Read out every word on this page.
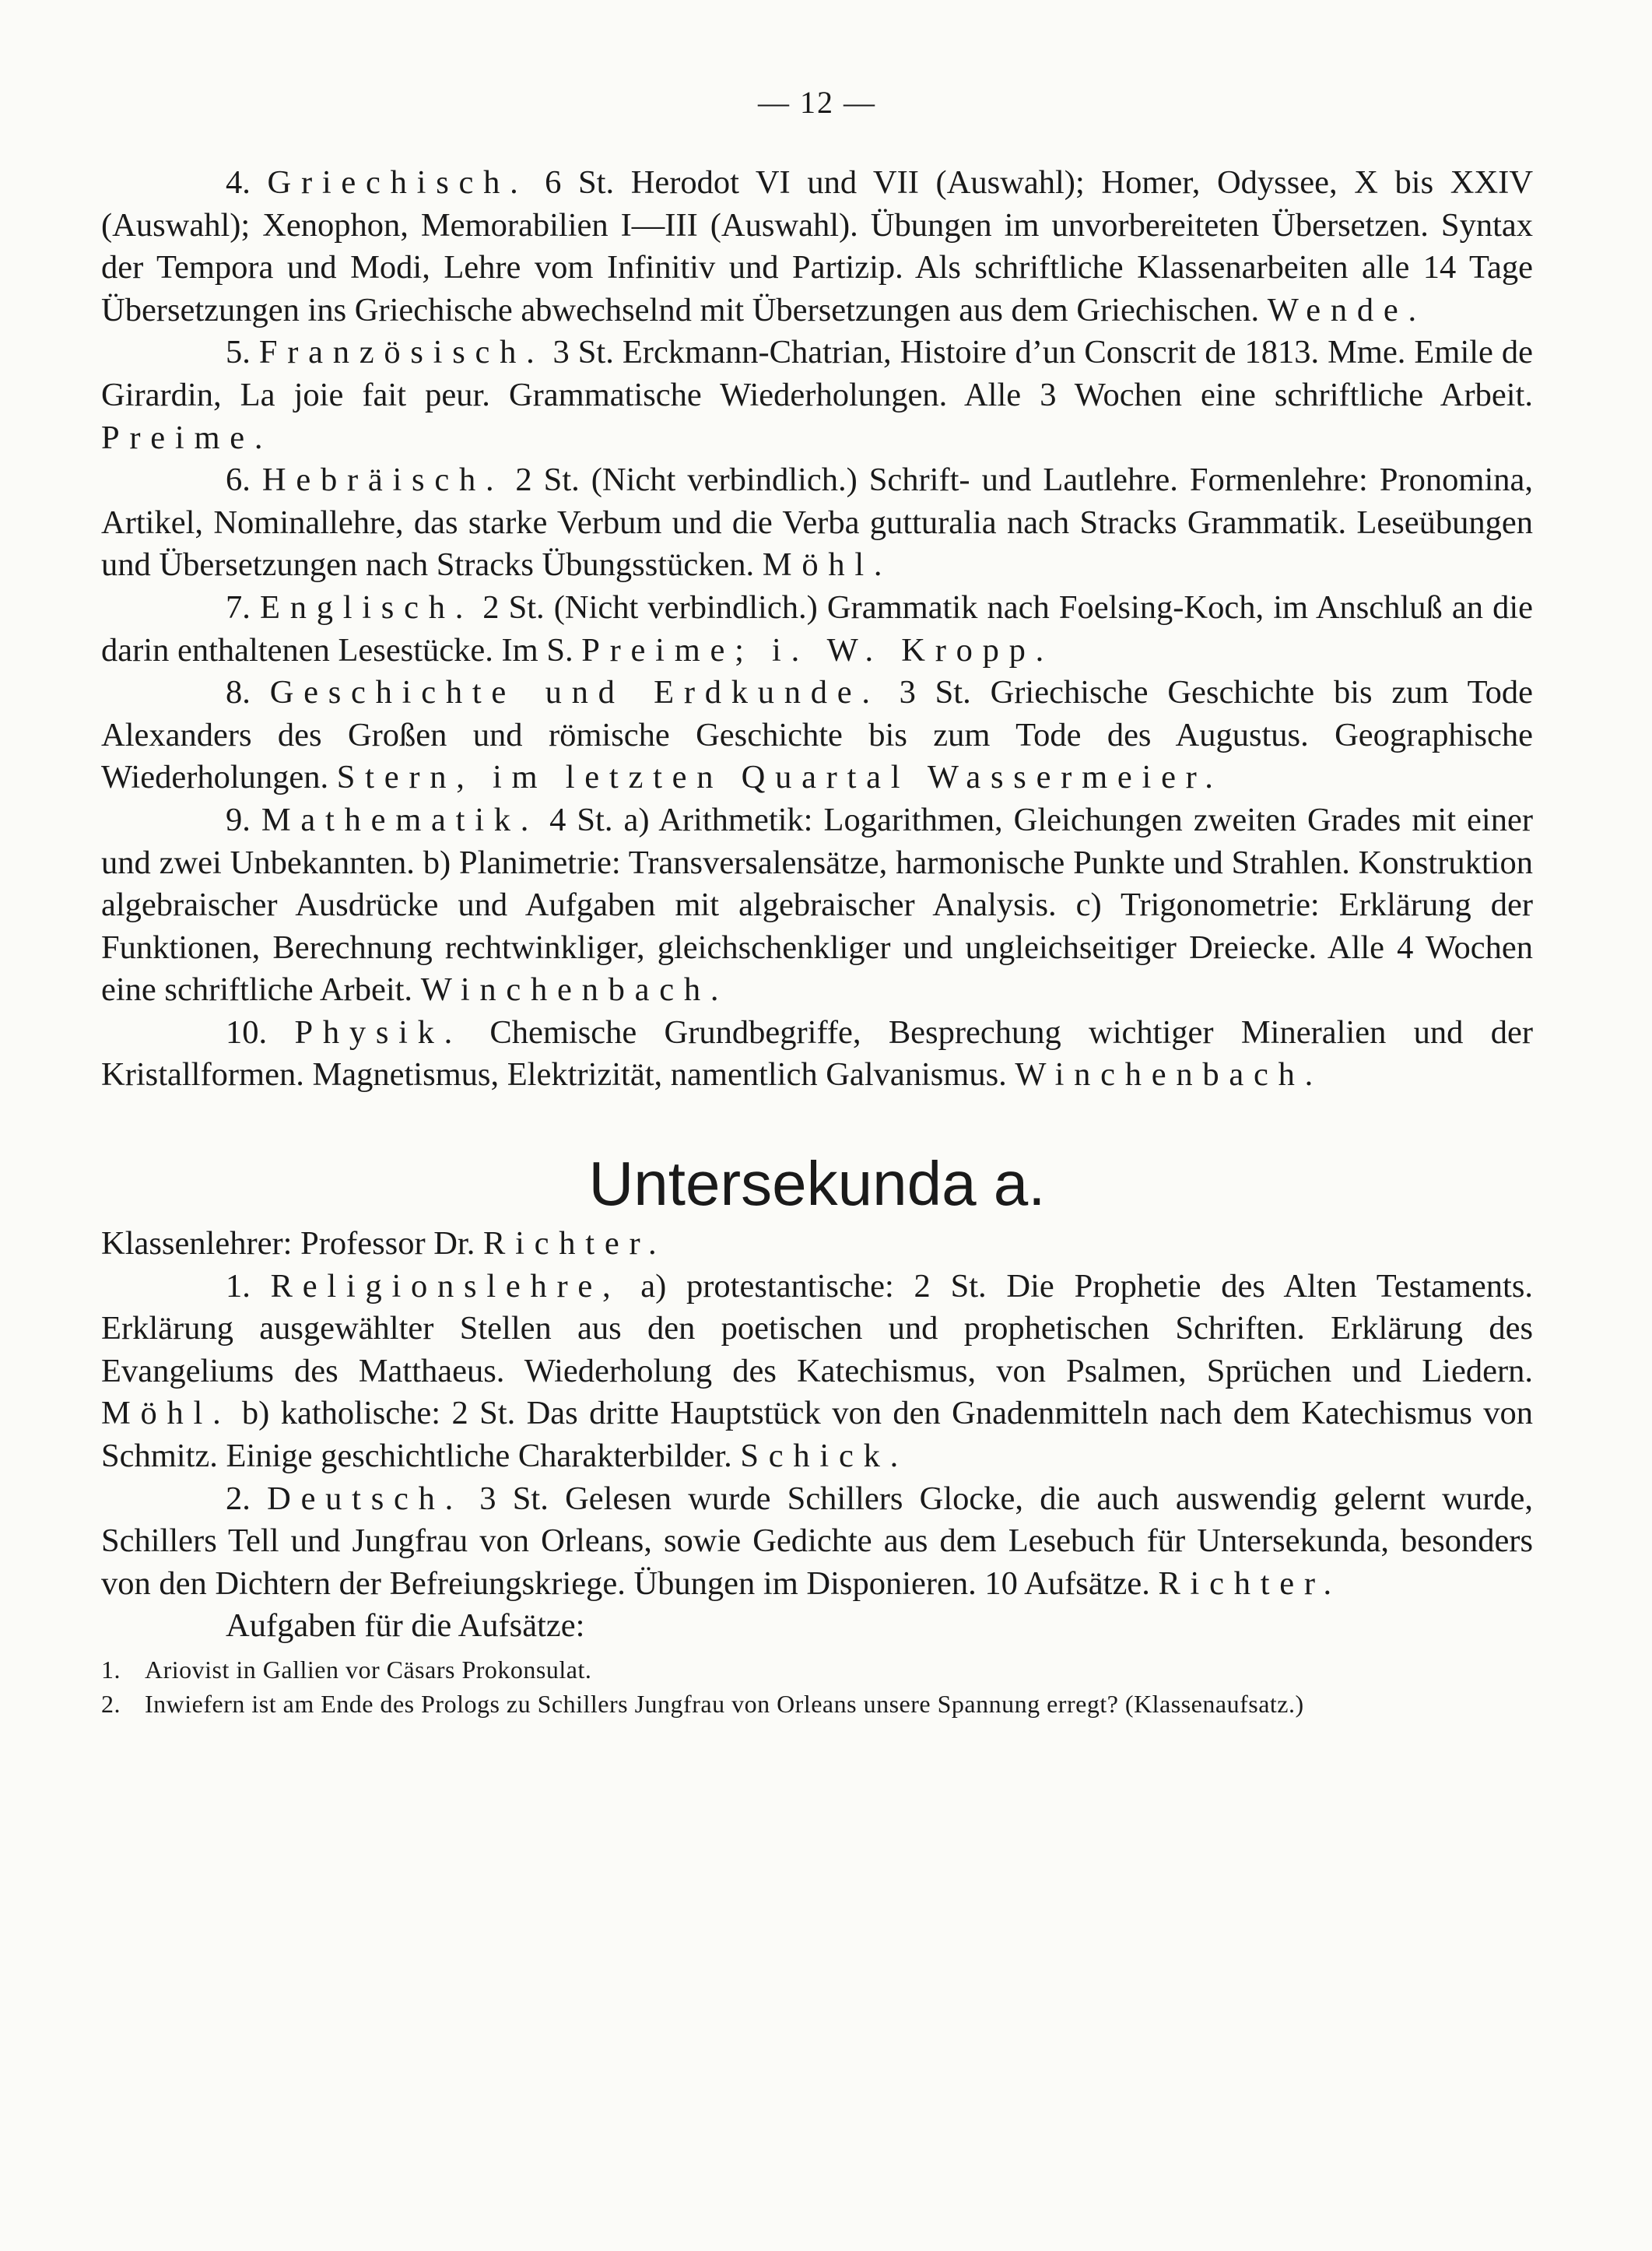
— 12 —

4. Griechisch. 6 St. Herodot VI und VII (Auswahl); Homer, Odyssee, X bis XXIV (Auswahl); Xenophon, Memorabilien I—III (Auswahl). Übungen im unvorbereiteten Übersetzen. Syntax der Tempora und Modi, Lehre vom Infinitiv und Partizip. Als schriftliche Klassenarbeiten alle 14 Tage Übersetzungen ins Griechische abwechselnd mit Übersetzungen aus dem Griechischen. Wende.

5. Französisch. 3 St. Erckmann-Chatrian, Histoire d’un Conscrit de 1813. Mme. Emile de Girardin, La joie fait peur. Grammatische Wiederholungen. Alle 3 Wochen eine schriftliche Arbeit. Preime.

6. Hebräisch. 2 St. (Nicht verbindlich.) Schrift- und Lautlehre. Formenlehre: Pronomina, Artikel, Nominallehre, das starke Verbum und die Verba gutturalia nach Stracks Grammatik. Leseübungen und Übersetzungen nach Stracks Übungsstücken. Möhl.

7. Englisch. 2 St. (Nicht verbindlich.) Grammatik nach Foelsing-Koch, im Anschluß an die darin enthaltenen Lesestücke. Im S. Preime; i. W. Kropp.

8. Geschichte und Erdkunde. 3 St. Griechische Geschichte bis zum Tode Alexanders des Großen und römische Geschichte bis zum Tode des Augustus. Geographische Wiederholungen. Stern, im letzten Quartal Wassermeier.

9. Mathematik. 4 St. a) Arithmetik: Logarithmen, Gleichungen zweiten Grades mit einer und zwei Unbekannten. b) Planimetrie: Transversalensätze, harmonische Punkte und Strahlen. Konstruktion algebraischer Ausdrücke und Aufgaben mit algebraischer Analysis. c) Trigonometrie: Erklärung der Funktionen, Berechnung rechtwinkliger, gleichschenkliger und ungleichseitiger Dreiecke. Alle 4 Wochen eine schriftliche Arbeit. Winchenbach.

10. Physik. Chemische Grundbegriffe, Besprechung wichtiger Mineralien und der Kristallformen. Magnetismus, Elektrizität, namentlich Galvanismus. Winchenbach.

Untersekunda a.

Klassenlehrer: Professor Dr. Richter.

1. Religionslehre, a) protestantische: 2 St. Die Prophetie des Alten Testaments. Erklärung ausgewählter Stellen aus den poetischen und prophetischen Schriften. Erklärung des Evangeliums des Matthaeus. Wiederholung des Katechismus, von Psalmen, Sprüchen und Liedern. Möhl. b) katholische: 2 St. Das dritte Hauptstück von den Gnadenmitteln nach dem Katechismus von Schmitz. Einige geschichtliche Charakterbilder. Schick.

2. Deutsch. 3 St. Gelesen wurde Schillers Glocke, die auch auswendig gelernt wurde, Schillers Tell und Jungfrau von Orleans, sowie Gedichte aus dem Lesebuch für Untersekunda, besonders von den Dichtern der Befreiungskriege. Übungen im Disponieren. 10 Aufsätze. Richter.

Aufgaben für die Aufsätze:

1. Ariovist in Gallien vor Cäsars Prokonsulat.
2. Inwiefern ist am Ende des Prologs zu Schillers Jungfrau von Orleans unsere Spannung erregt? (Klassenaufsatz.)
